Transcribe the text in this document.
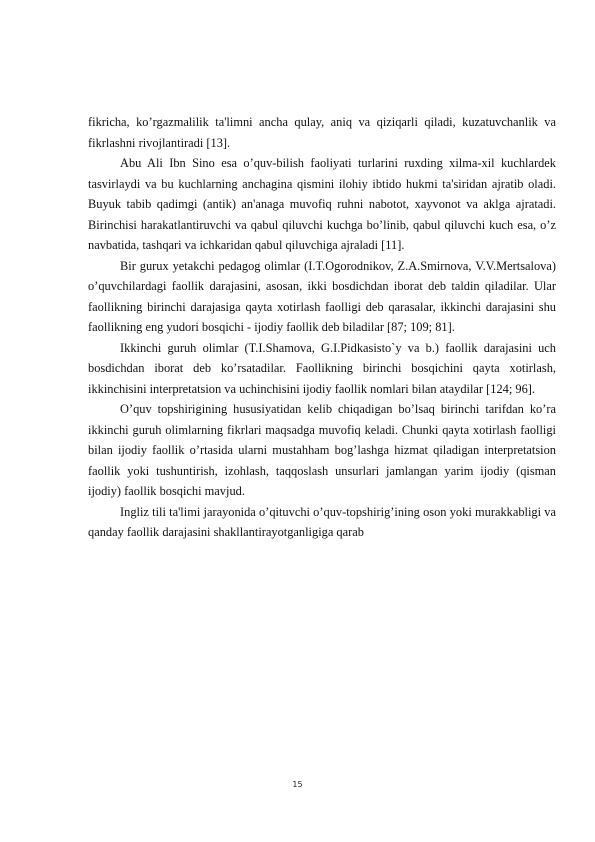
fikricha, ko’rgazmalilik ta'limni ancha qulay, aniq va qiziqarli qiladi, kuzatuvchanlik va fikrlashni rivojlantiradi [13].

Abu Ali Ibn Sino esa o’quv-bilish faoliyati turlarini ruxding xilma-xil kuchlardek tasvirlaydi va bu kuchlarning anchagina qismini ilohiy ibtido hukmi ta'siridan ajratib oladi. Buyuk tabib qadimgi (antik) an'anaga muvofiq ruhni nabotot, xayvonot va aklga ajratadi. Birinchisi harakatlantiruvchi va qabul qiluvchi kuchga bo’linib, qabul qiluvchi kuch esa, o’z navbatida, tashqari va ichkaridan qabul qiluvchiga ajraladi [11].

Bir gurux yetakchi pedagog olimlar (I.T.Ogorodnikov, Z.A.Smirnova, V.V.Mertsalova) o’quvchilardagi faollik darajasini, asosan, ikki bosdichdan iborat deb taldin qiladilar. Ular faollikning birinchi darajasiga qayta xotirlash faolligi deb qarasalar, ikkinchi darajasini shu faollikning eng yudori bosqichi - ijodiy faollik deb biladilar [87; 109; 81].

Ikkinchi guruh olimlar (T.I.Shamova, G.I.Pidkasisto`y va b.) faollik darajasini uch bosdichdan iborat deb ko’rsatadilar. Faollikning birinchi bosqichini qayta xotirlash, ikkinchisini interpretatsion va uchinchisini ijodiy faollik nomlari bilan ataydilar [124; 96].

O’quv topshirigining hususiyatidan kelib chiqadigan bo’lsaq birinchi tarifdan ko’ra ikkinchi guruh olimlarning fikrlari maqsadga muvofiq keladi. Chunki qayta xotirlash faolligi bilan ijodiy faollik o’rtasida ularni mustahham bog’lashga hizmat qiladigan interpretatsion faollik yoki tushuntirish, izohlash, taqqoslash unsurlari jamlangan yarim ijodiy (qisman ijodiy) faollik bosqichi mavjud.

Ingliz tili ta'limi jarayonida o’qituvchi o’quv-topshirig’ining oson yoki murakkabligi va qanday faollik darajasini shakllantirayotganligiga qarab

15
